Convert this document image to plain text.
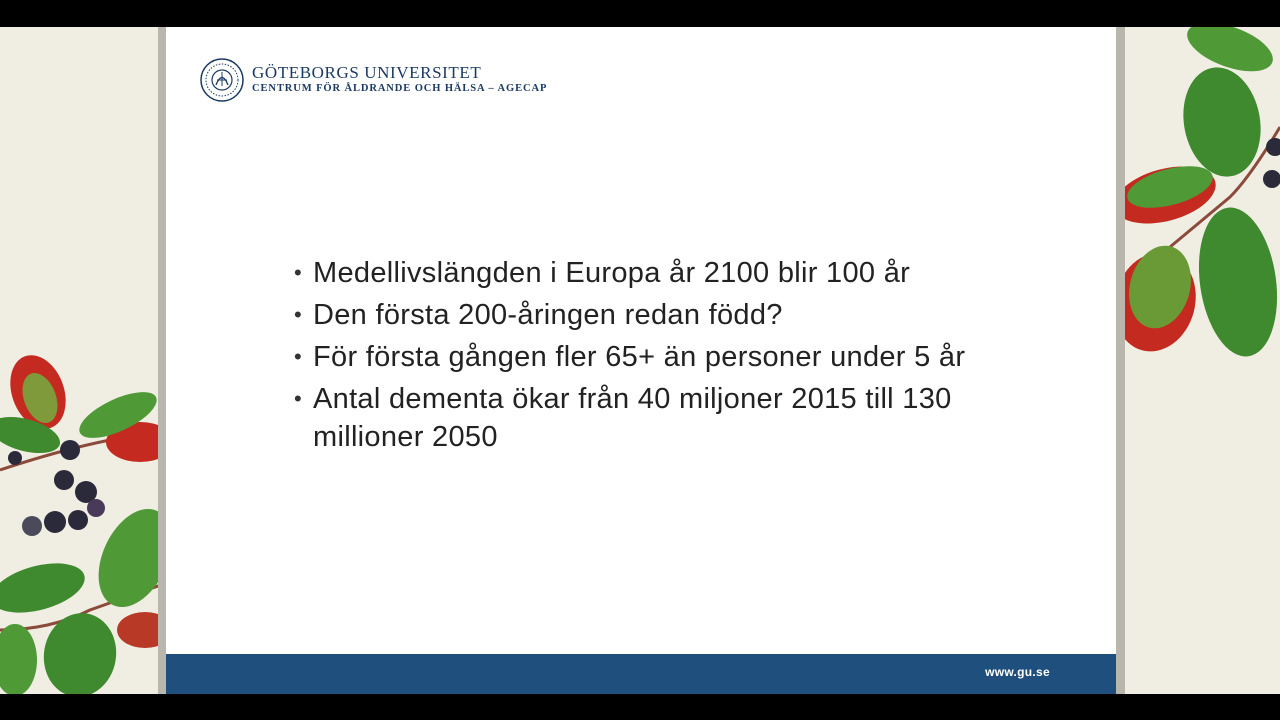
GÖTEBORGS UNIVERSITET
CENTRUM FÖR ÅLDRANDE OCH HÄLSA – AGECAP
• Medellivslängden i Europa år 2100 blir 100 år
• Den första 200-åringen redan född?
• För första gången fler 65+ än personer under 5 år
• Antal dementa ökar från 40 miljoner 2015 till 130 millioner 2050
www.gu.se
